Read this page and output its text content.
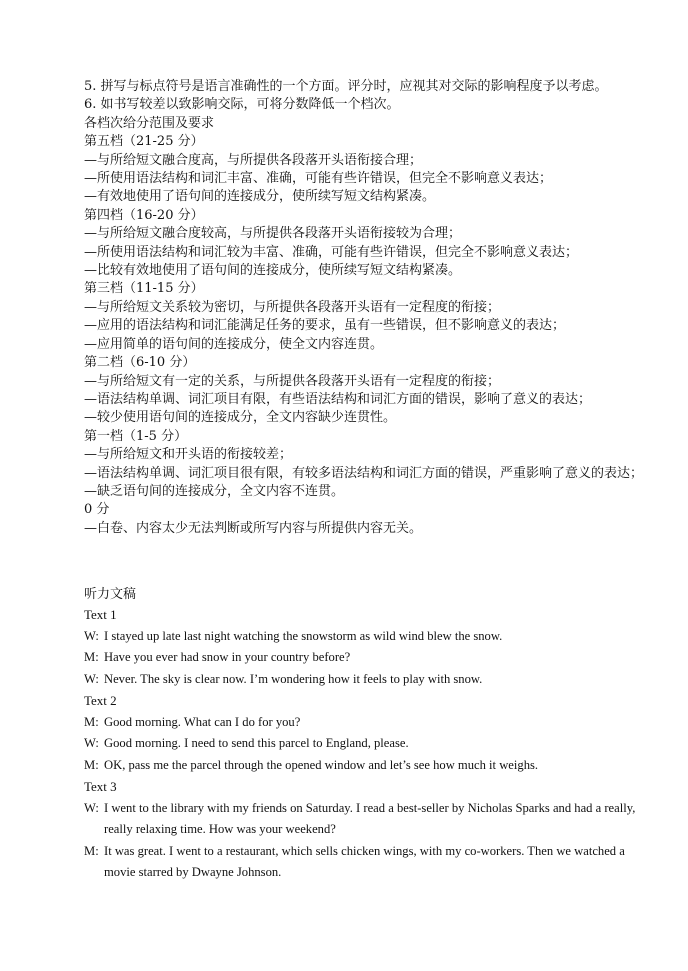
5. 拼写与标点符号是语言准确性的一个方面。评分时，应视其对交际的影响程度予以考虑。
6. 如书写较差以致影响交际，可将分数降低一个档次。
各档次给分范围及要求
第五档（21-25 分）
—与所给短文融合度高，与所提供各段落开头语衔接合理；
—所使用语法结构和词汇丰富、准确，可能有些许错误，但完全不影响意义表达；
—有效地使用了语句间的连接成分，使所续写短文结构紧凑。
第四档（16-20 分）
—与所给短文融合度较高，与所提供各段落开头语衔接较为合理；
—所使用语法结构和词汇较为丰富、准确，可能有些许错误，但完全不影响意义表达；
—比较有效地使用了语句间的连接成分，使所续写短文结构紧凑。
第三档（11-15 分）
—与所给短文关系较为密切，与所提供各段落开头语有一定程度的衔接；
—应用的语法结构和词汇能满足任务的要求，虽有一些错误，但不影响意义的表达；
—应用简单的语句间的连接成分，使全文内容连贯。
第二档（6-10 分）
—与所给短文有一定的关系，与所提供各段落开头语有一定程度的衔接；
—语法结构单调、词汇项目有限，有些语法结构和词汇方面的错误，影响了意义的表达；
—较少使用语句间的连接成分，全文内容缺少连贯性。
第一档（1-5 分）
—与所给短文和开头语的衔接较差；
—语法结构单调、词汇项目很有限，有较多语法结构和词汇方面的错误，严重影响了意义的表达；
—缺乏语句间的连接成分，全文内容不连贯。
0 分
—白卷、内容太少无法判断或所写内容与所提供内容无关。
听力文稿
Text 1
W: I stayed up late last night watching the snowstorm as wild wind blew the snow.
M: Have you ever had snow in your country before?
W: Never. The sky is clear now. I’m wondering how it feels to play with snow.
Text 2
M: Good morning. What can I do for you?
W: Good morning. I need to send this parcel to England, please.
M: OK, pass me the parcel through the opened window and let’s see how much it weighs.
Text 3
W: I went to the library with my friends on Saturday. I read a best-seller by Nicholas Sparks and had a really, really relaxing time. How was your weekend?
M: It was great. I went to a restaurant, which sells chicken wings, with my co-workers. Then we watched a movie starred by Dwayne Johnson.
